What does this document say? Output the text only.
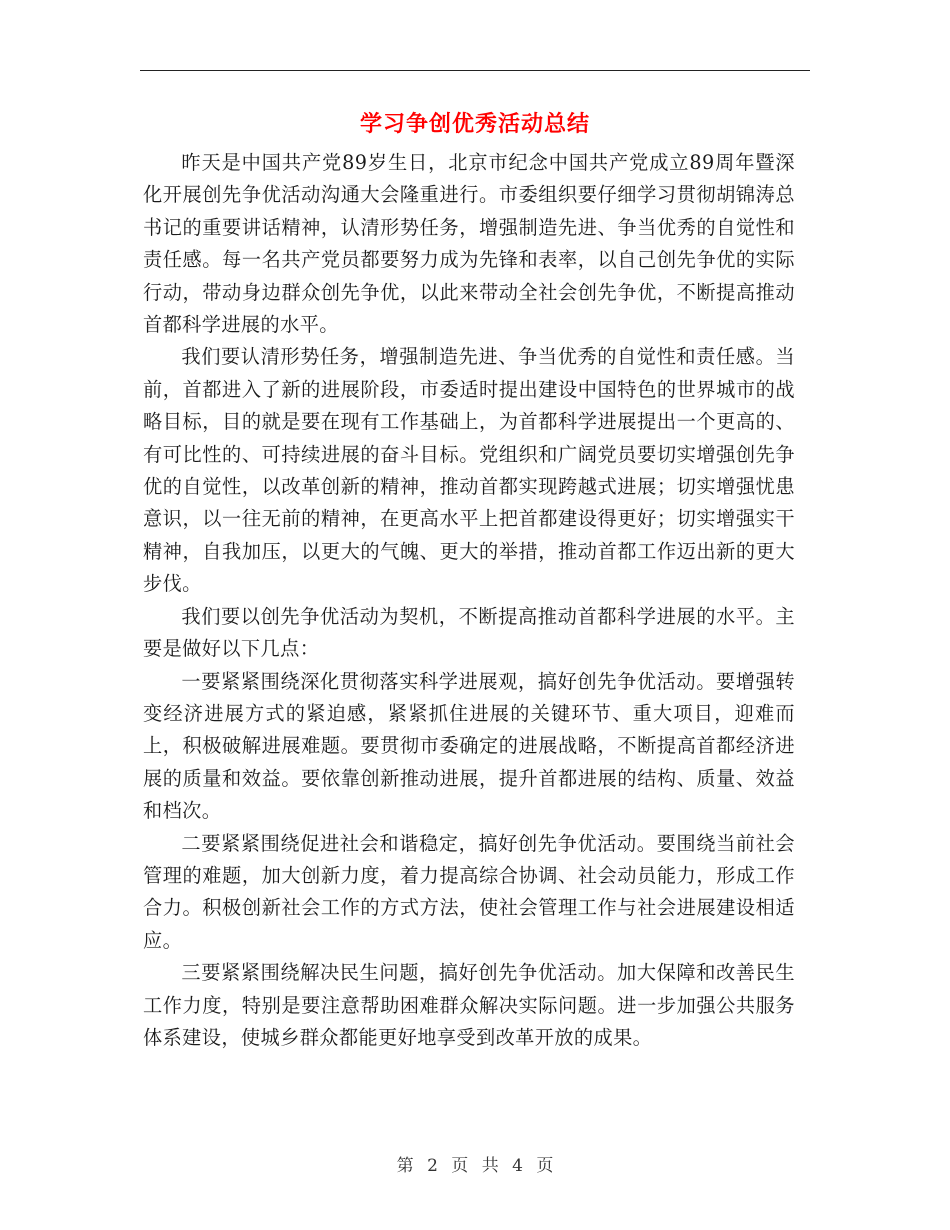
学习争创优秀活动总结

昨天是中国共产党89岁生日，北京市纪念中国共产党成立89周年暨深化开展创先争优活动沟通大会隆重进行。市委组织要仔细学习贯彻胡锦涛总书记的重要讲话精神，认清形势任务，增强制造先进、争当优秀的自觉性和责任感。每一名共产党员都要努力成为先锋和表率，以自己创先争优的实际行动，带动身边群众创先争优，以此来带动全社会创先争优，不断提高推动首都科学进展的水平。

我们要认清形势任务，增强制造先进、争当优秀的自觉性和责任感。当前，首都进入了新的进展阶段，市委适时提出建设中国特色的世界城市的战略目标，目的就是要在现有工作基础上，为首都科学进展提出一个更高的、有可比性的、可持续进展的奋斗目标。党组织和广阔党员要切实增强创先争优的自觉性，以改革创新的精神，推动首都实现跨越式进展；切实增强忧患意识，以一往无前的精神，在更高水平上把首都建设得更好；切实增强实干精神，自我加压，以更大的气魄、更大的举措，推动首都工作迈出新的更大步伐。

我们要以创先争优活动为契机，不断提高推动首都科学进展的水平。主要是做好以下几点：

一要紧紧围绕深化贯彻落实科学进展观，搞好创先争优活动。要增强转变经济进展方式的紧迫感，紧紧抓住进展的关键环节、重大项目，迎难而上，积极破解进展难题。要贯彻市委确定的进展战略，不断提高首都经济进展的质量和效益。要依靠创新推动进展，提升首都进展的结构、质量、效益和档次。

二要紧紧围绕促进社会和谐稳定，搞好创先争优活动。要围绕当前社会管理的难题，加大创新力度，着力提高综合协调、社会动员能力，形成工作合力。积极创新社会工作的方式方法，使社会管理工作与社会进展建设相适应。

三要紧紧围绕解决民生问题，搞好创先争优活动。加大保障和改善民生工作力度，特别是要注意帮助困难群众解决实际问题。进一步加强公共服务体系建设，使城乡群众都能更好地享受到改革开放的成果。

第 2 页 共 4 页
